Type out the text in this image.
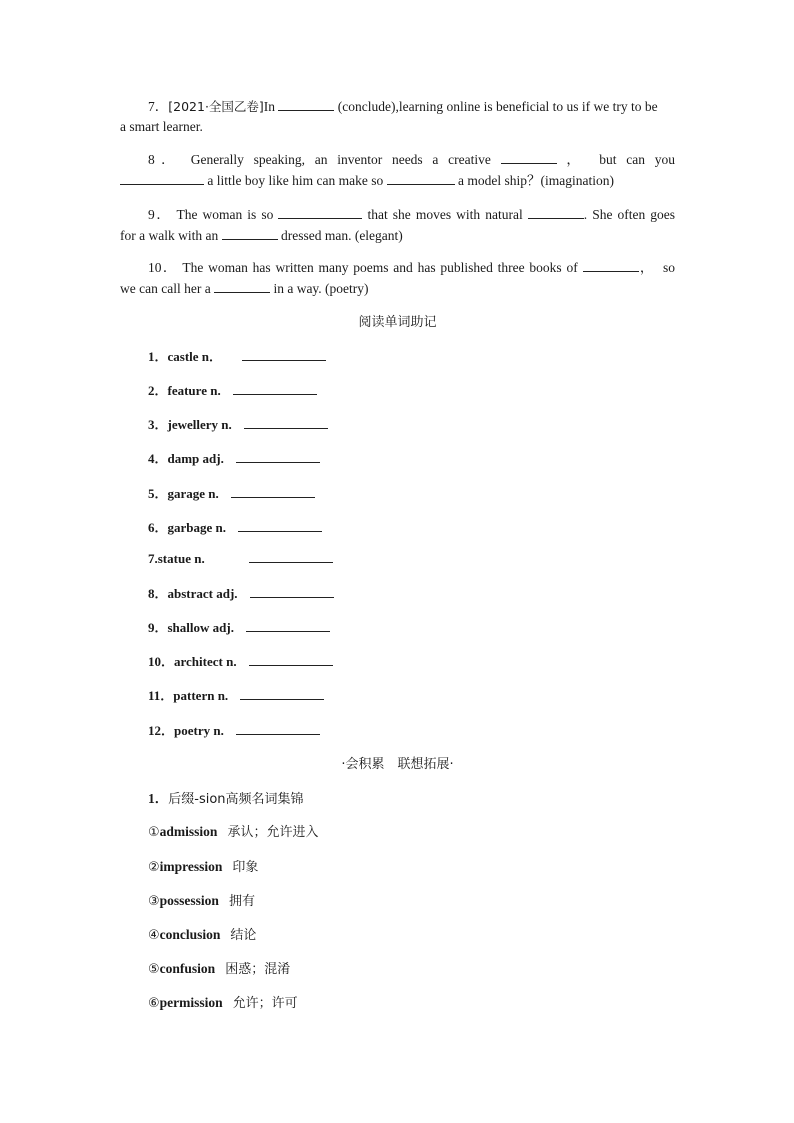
7．[2021·全国乙卷]In	(conclude),learning online is beneficial to us if we try to be
a smart learner.
8． Generally speaking, an inventor needs a creative	，　but can you
a little boy like him can make so	a model ship？(imagination)
9． The woman is so	that she moves with natural	. She often goes
for a walk with an	dressed man. (elegant)
10． The woman has written many poems and has published three books of	，　so
we can call her a	in a way. (poetry)
阅读单词助记
1．castle n．
2．feature n.
3．jewellery n.
4．damp adj.
5．garage n.
6．garbage n.
7.statue n.
8．abstract adj.
9．shallow adj.
10．architect n.
11．pattern n.
12．poetry n.
·会积累　联想拓展·
1．后缀-sion高频名词集锦
①admission 承认；允许进入
②impression 印象
③possession 拥有
④conclusion 结论
⑤confusion 困惑；混淆
⑥permission 允许；许可
